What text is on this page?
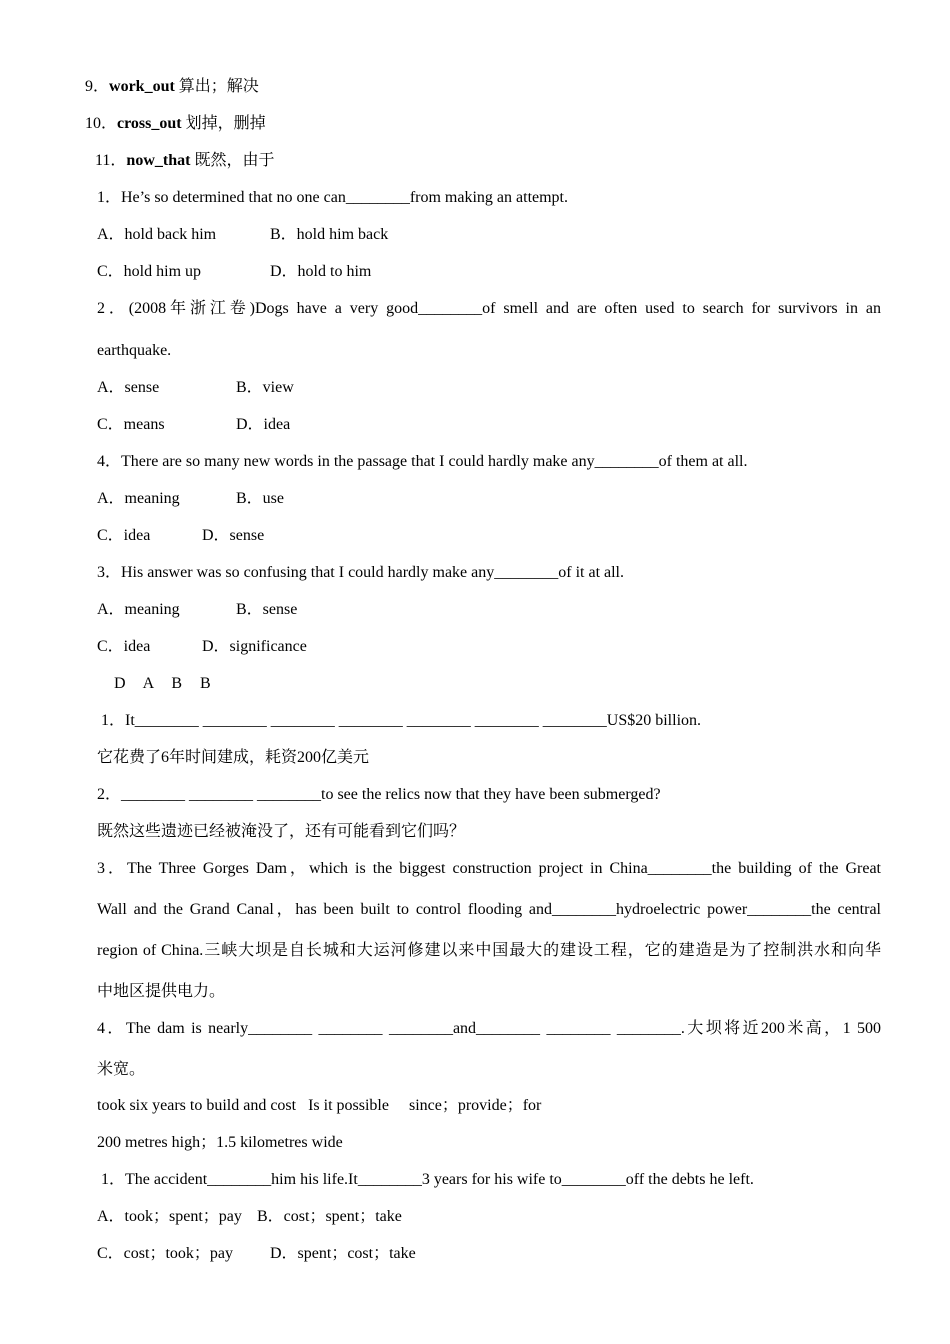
9．work_out 算出；解决
10．cross_out 划掉，删掉
11．now_that 既然，由于
1．He’s so determined that no one can________from making an attempt.
A．hold back him	B．hold him back
C．hold him up	D．hold to him
2．(2008年浙江卷)Dogs have a very good________of smell and are often used to search for survivors in an
earthquake.
A．sense	B．view
C．means	D．idea
4．There are so many new words in the passage that I could hardly make any________of them at all.
A．meaning	B．use
C．idea	D．sense
3．His answer was so confusing that I could hardly make any________of it at all.
A．meaning	B．sense
C．idea	D．significance
D A B B
1．It________ ________ ________ ________ ________ ________ ________US$20 billion.
它花费了6年时间建成，耗资200亿美元
2．________ ________ ________to see the relics now that they have been submerged?
既然这些遗迹已经被淹没了，还有可能看到它们吗？
3．The Three Gorges Dam，which is the biggest construction project in China________the building of the Great
Wall and the Grand Canal，has been built to control flooding and________hydroelectric power________the central
region of China.三峡大坝是自长城和大运河修建以来中国最大的建设工程，它的建造是为了控制洪水和向华
中地区提供电力。
4．The dam is nearly________ ________ ________and________ ________ ________.大坝将近200米高，1 500
米宽。
took six years to build and cost   Is it possible     since；provide；for
200 metres high；1.5 kilometres wide
1．The accident________him his life.It________3 years for his wife to________off the debts he left.
A．took；spent；pay B．cost；spent；take
C．cost；took；pay D．spent；cost；take
